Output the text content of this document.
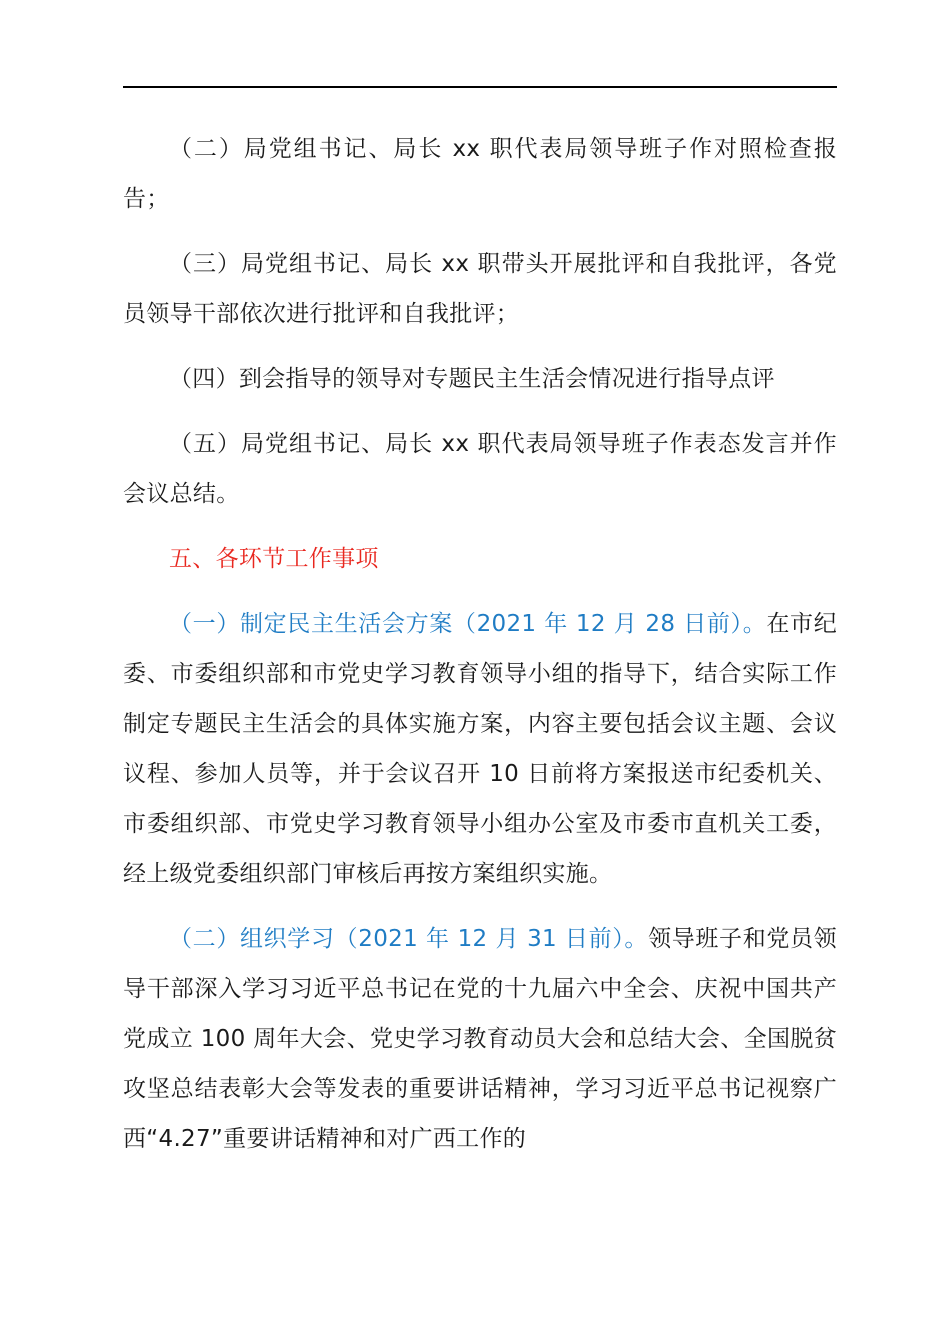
（二）局党组书记、局长 xx 职代表局领导班子作对照检查报告；

（三）局党组书记、局长 xx 职带头开展批评和自我批评，各党员领导干部依次进行批评和自我批评；

（四）到会指导的领导对专题民主生活会情况进行指导点评

（五）局党组书记、局长 xx 职代表局领导班子作表态发言并作会议总结。

五、各环节工作事项

（一）制定民主生活会方案（2021 年 12 月 28 日前）。在市纪委、市委组织部和市党史学习教育领导小组的指导下，结合实际工作制定专题民主生活会的具体实施方案，内容主要包括会议主题、会议议程、参加人员等，并于会议召开 10 日前将方案报送市纪委机关、市委组织部、市党史学习教育领导小组办公室及市委市直机关工委，经上级党委组织部门审核后再按方案组织实施。

（二）组织学习（2021 年 12 月 31 日前）。领导班子和党员领导干部深入学习习近平总书记在党的十九届六中全会、庆祝中国共产党成立 100 周年大会、党史学习教育动员大会和总结大会、全国脱贫攻坚总结表彰大会等发表的重要讲话精神，学习习近平总书记视察广西“4.27”重要讲话精神和对广西工作的
